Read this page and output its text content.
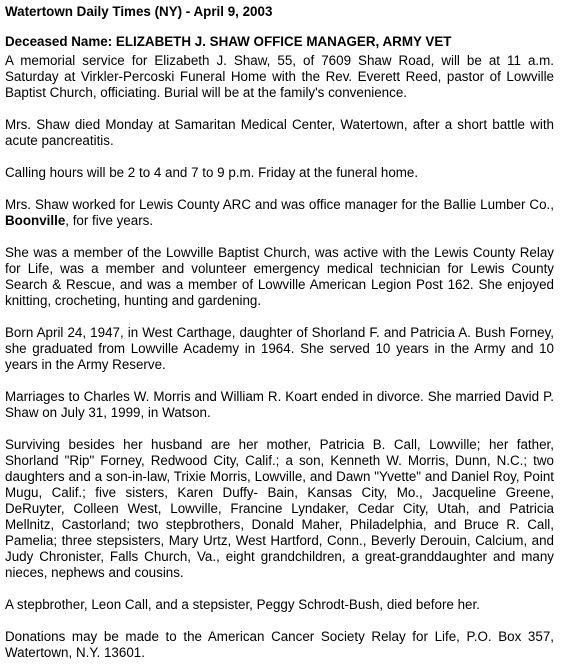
Watertown Daily Times (NY) - April 9, 2003
Deceased Name: ELIZABETH J. SHAW OFFICE MANAGER, ARMY VET

A memorial service for Elizabeth J. Shaw, 55, of 7609 Shaw Road, will be at 11 a.m. Saturday at Virkler-Percoski Funeral Home with the Rev. Everett Reed, pastor of Lowville Baptist Church, officiating. Burial will be at the family's convenience.

Mrs. Shaw died Monday at Samaritan Medical Center, Watertown, after a short battle with acute pancreatitis.

Calling hours will be 2 to 4 and 7 to 9 p.m. Friday at the funeral home.

Mrs. Shaw worked for Lewis County ARC and was office manager for the Ballie Lumber Co., Boonville, for five years.

She was a member of the Lowville Baptist Church, was active with the Lewis County Relay for Life, was a member and volunteer emergency medical technician for Lewis County Search & Rescue, and was a member of Lowville American Legion Post 162. She enjoyed knitting, crocheting, hunting and gardening.

Born April 24, 1947, in West Carthage, daughter of Shorland F. and Patricia A. Bush Forney, she graduated from Lowville Academy in 1964. She served 10 years in the Army and 10 years in the Army Reserve.

Marriages to Charles W. Morris and William R. Koart ended in divorce. She married David P. Shaw on July 31, 1999, in Watson.

Surviving besides her husband are her mother, Patricia B. Call, Lowville; her father, Shorland "Rip" Forney, Redwood City, Calif.; a son, Kenneth W. Morris, Dunn, N.C.; two daughters and a son-in-law, Trixie Morris, Lowville, and Dawn "Yvette" and Daniel Roy, Point Mugu, Calif.; five sisters, Karen Duffy- Bain, Kansas City, Mo., Jacqueline Greene, DeRuyter, Colleen West, Lowville, Francine Lyndaker, Cedar City, Utah, and Patricia Mellnitz, Castorland; two stepbrothers, Donald Maher, Philadelphia, and Bruce R. Call, Pamelia; three stepsisters, Mary Urtz, West Hartford, Conn., Beverly Derouin, Calcium, and Judy Chronister, Falls Church, Va., eight grandchildren, a great-granddaughter and many nieces, nephews and cousins.

A stepbrother, Leon Call, and a stepsister, Peggy Schrodt-Bush, died before her.

Donations may be made to the American Cancer Society Relay for Life, P.O. Box 357, Watertown, N.Y. 13601.
